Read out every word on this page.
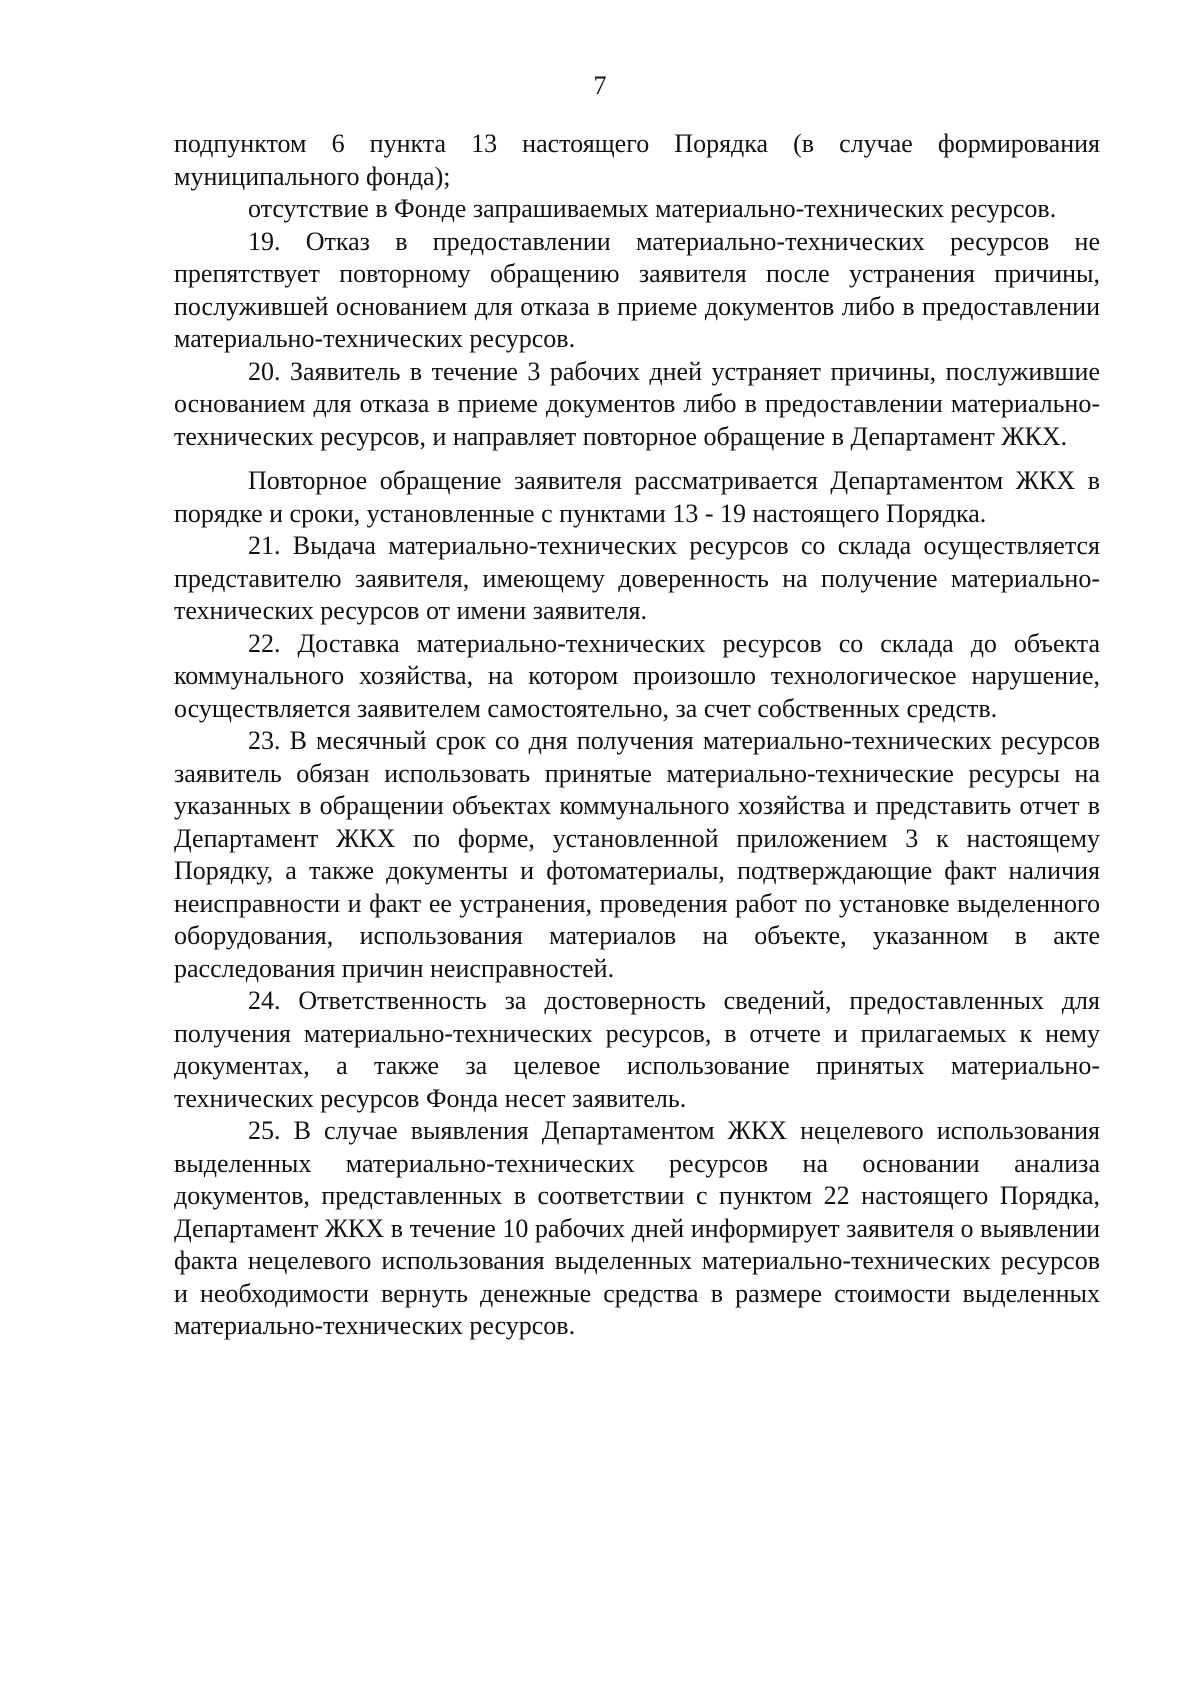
7

подпунктом 6 пункта 13 настоящего Порядка (в случае формирования муниципального фонда);

отсутствие в Фонде запрашиваемых материально-технических ресурсов.

19. Отказ в предоставлении материально-технических ресурсов не препятствует повторному обращению заявителя после устранения причины, послужившей основанием для отказа в приеме документов либо в предоставлении материально-технических ресурсов.

20. Заявитель в течение 3 рабочих дней устраняет причины, послужившие основанием для отказа в приеме документов либо в предоставлении материально-технических ресурсов, и направляет повторное обращение в Департамент ЖКХ.

Повторное обращение заявителя рассматривается Департаментом ЖКХ в порядке и сроки, установленные с пунктами 13 - 19 настоящего Порядка.

21. Выдача материально-технических ресурсов со склада осуществляется представителю заявителя, имеющему доверенность на получение материально-технических ресурсов от имени заявителя.

22. Доставка материально-технических ресурсов со склада до объекта коммунального хозяйства, на котором произошло технологическое нарушение, осуществляется заявителем самостоятельно, за счет собственных средств.

23. В месячный срок со дня получения материально-технических ресурсов заявитель обязан использовать принятые материально-технические ресурсы на указанных в обращении объектах коммунального хозяйства и представить отчет в Департамент ЖКХ по форме, установленной приложением 3 к настоящему Порядку, а также документы и фотоматериалы, подтверждающие факт наличия неисправности и факт ее устранения, проведения работ по установке выделенного оборудования, использования материалов на объекте, указанном в акте расследования причин неисправностей.

24. Ответственность за достоверность сведений, предоставленных для получения материально-технических ресурсов, в отчете и прилагаемых к нему документах, а также за целевое использование принятых материально-технических ресурсов Фонда несет заявитель.

25. В случае выявления Департаментом ЖКХ нецелевого использования выделенных материально-технических ресурсов на основании анализа документов, представленных в соответствии с пунктом 22 настоящего Порядка, Департамент ЖКХ в течение 10 рабочих дней информирует заявителя о выявлении факта нецелевого использования выделенных материально-технических ресурсов и необходимости вернуть денежные средства в размере стоимости выделенных материально-технических ресурсов.
